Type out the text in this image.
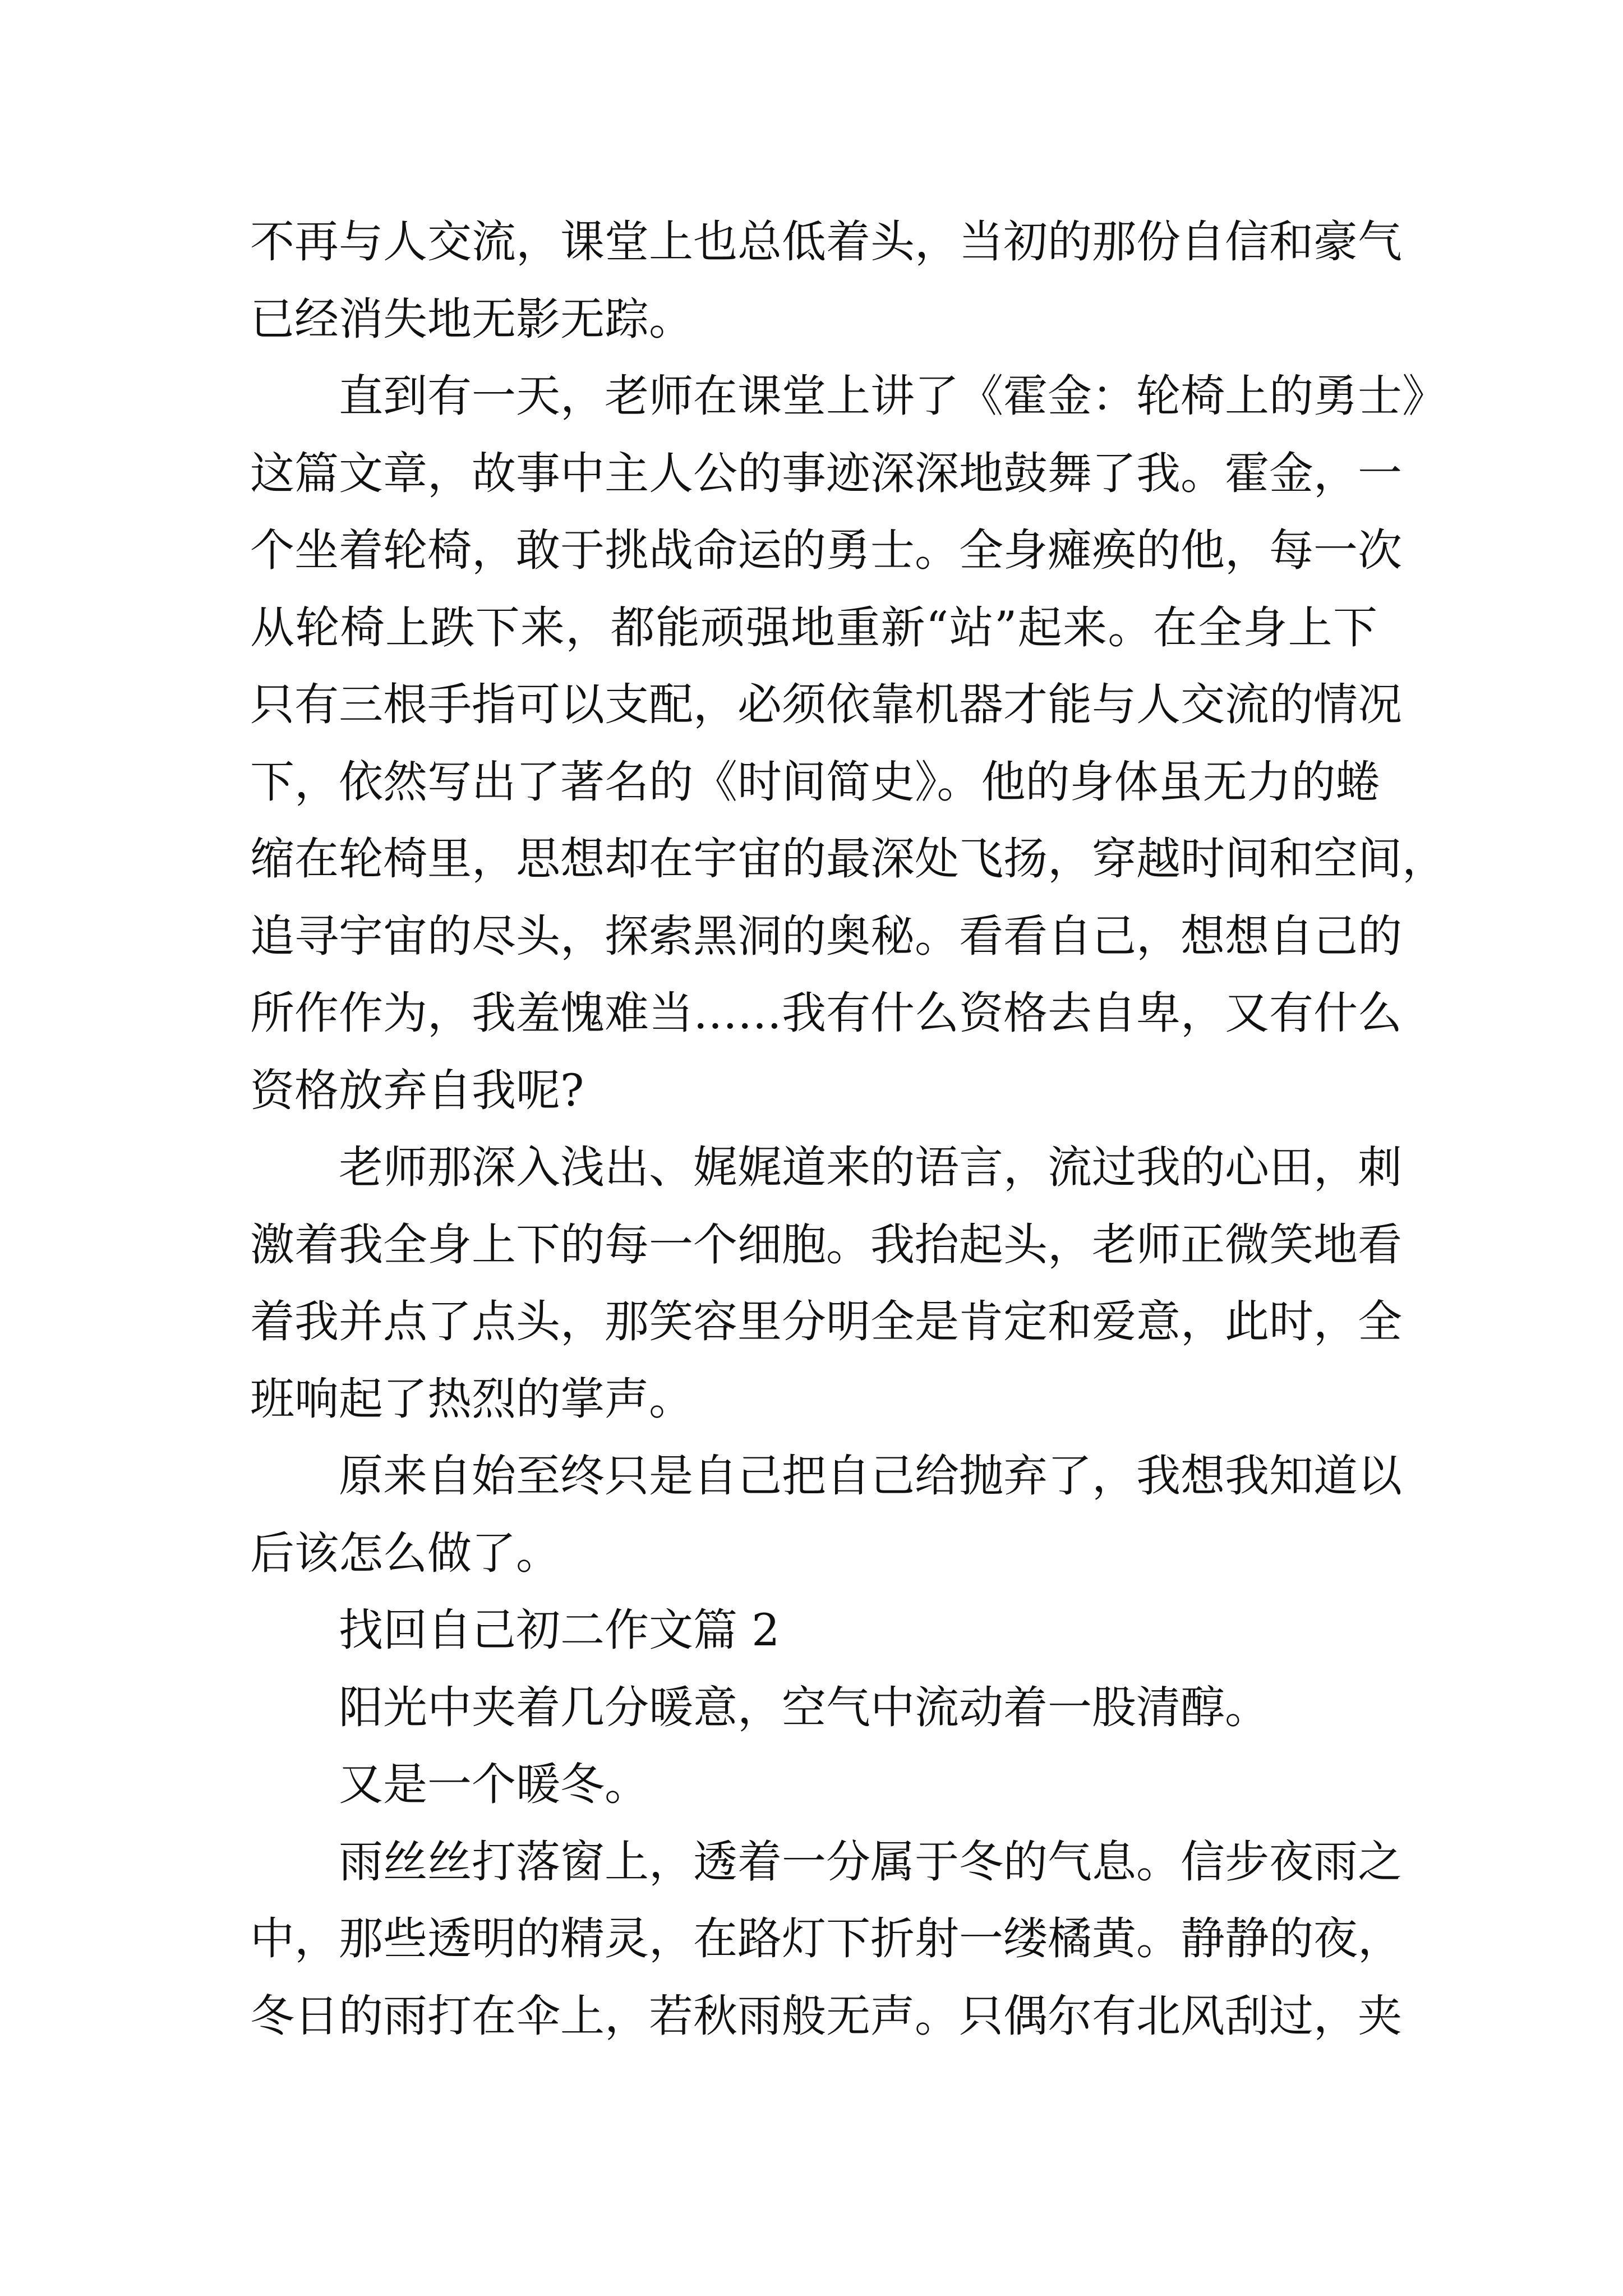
不再与人交流，课堂上也总低着头，当初的那份自信和豪气
已经消失地无影无踪。
直到有一天，老师在课堂上讲了《霍金：轮椅上的勇士》
这篇文章，故事中主人公的事迹深深地鼓舞了我。霍金，一
个坐着轮椅，敢于挑战命运的勇士。全身瘫痪的他，每一次
从轮椅上跌下来，都能顽强地重新“站”起来。在全身上下
只有三根手指可以支配，必须依靠机器才能与人交流的情况
下，依然写出了著名的《时间简史》。他的身体虽无力的蜷
缩在轮椅里，思想却在宇宙的最深处飞扬，穿越时间和空间，
追寻宇宙的尽头，探索黑洞的奥秘。看看自己，想想自己的
所作作为，我羞愧难当……我有什么资格去自卑，又有什么
资格放弃自我呢?
老师那深入浅出、娓娓道来的语言，流过我的心田，刺
激着我全身上下的每一个细胞。我抬起头，老师正微笑地看
着我并点了点头，那笑容里分明全是肯定和爱意，此时，全
班响起了热烈的掌声。
原来自始至终只是自己把自己给抛弃了，我想我知道以
后该怎么做了。
找回自己初二作文篇 2
阳光中夹着几分暖意，空气中流动着一股清醇。
又是一个暖冬。
雨丝丝打落窗上，透着一分属于冬的气息。信步夜雨之
中，那些透明的精灵，在路灯下折射一缕橘黄。静静的夜，
冬日的雨打在伞上，若秋雨般无声。只偶尔有北风刮过，夹
